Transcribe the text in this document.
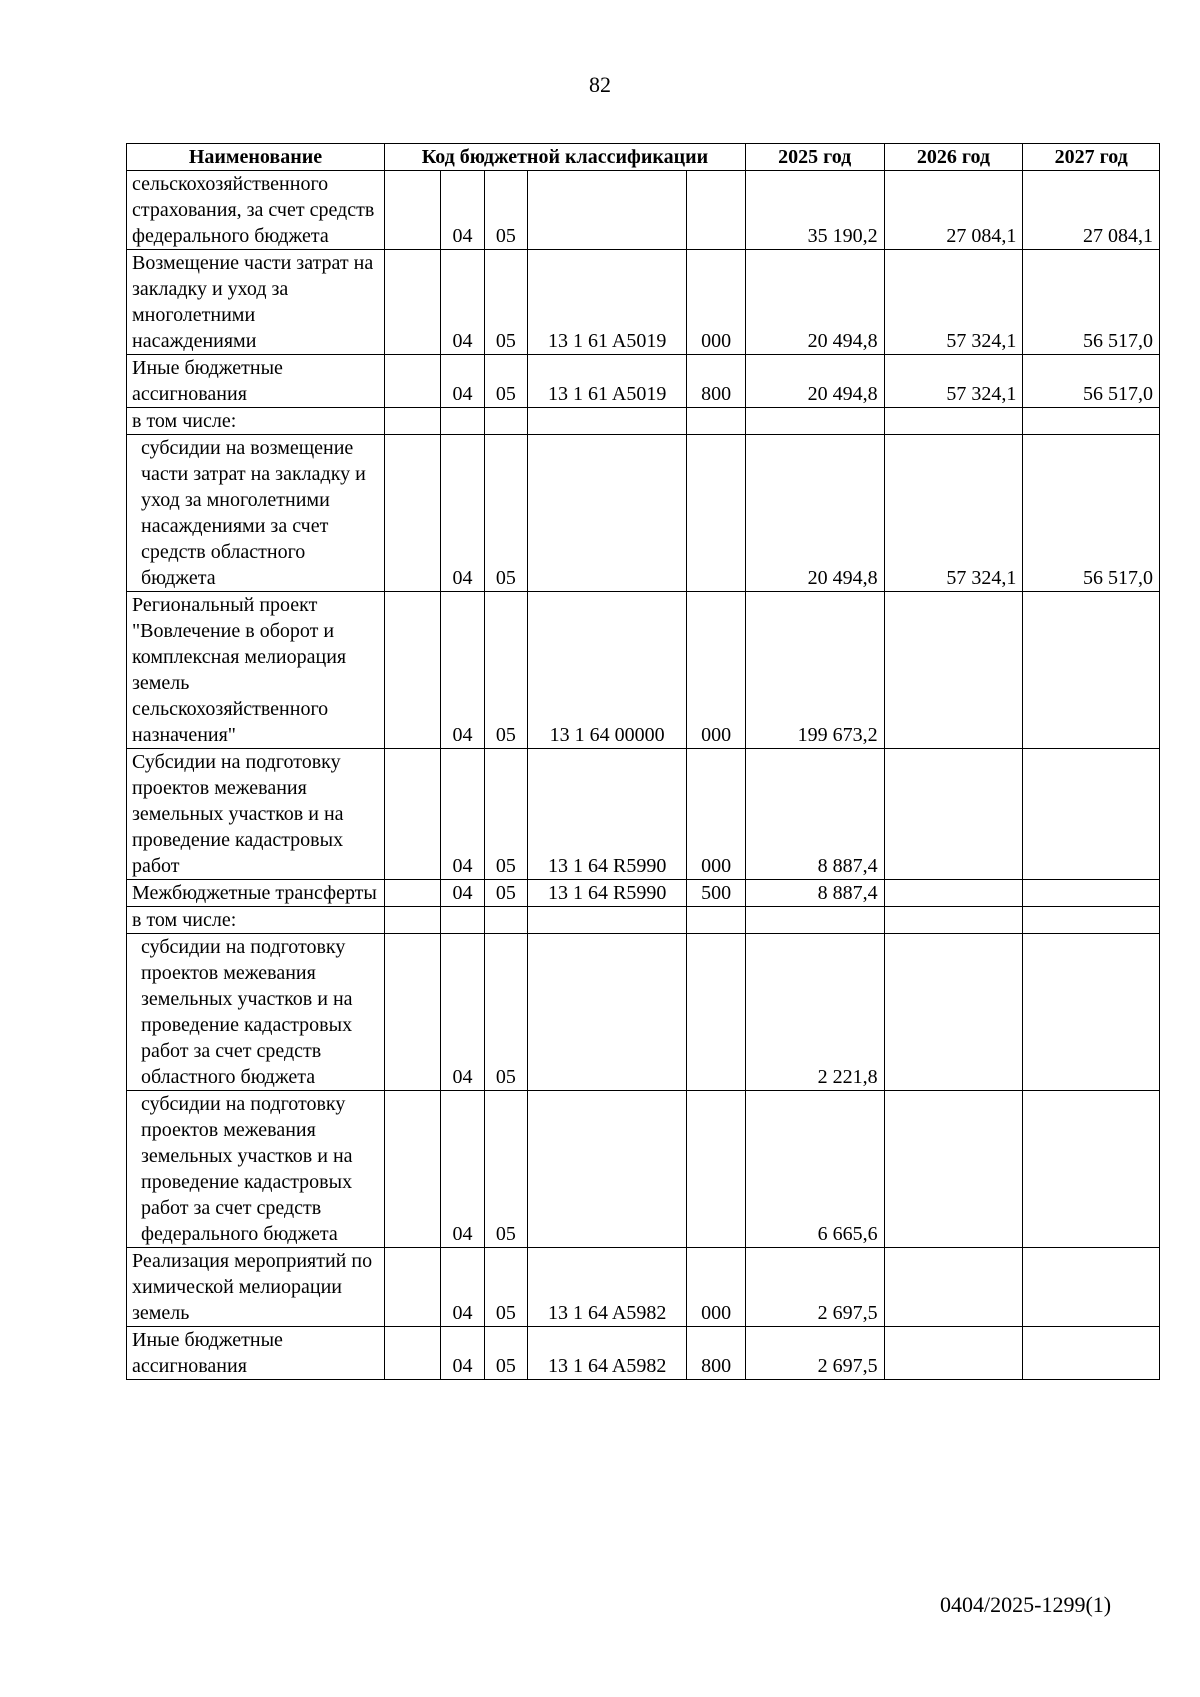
82
Наименование	Код бюджетной классификации					2025 год	2026 год	2027 год
сельскохозяйственного страхования, за счет средств федерального бюджета		04	05			35 190,2	27 084,1	27 084,1
Возмещение части затрат на закладку и уход за многолетними насаждениями		04	05	13 1 61 A5019	000	20 494,8	57 324,1	56 517,0
Иные бюджетные ассигнования		04	05	13 1 61 A5019	800	20 494,8	57 324,1	56 517,0
в том числе:								
субсидии на возмещение части затрат на закладку и уход за многолетними насаждениями за счет средств областного бюджета		04	05			20 494,8	57 324,1	56 517,0
Региональный проект "Вовлечение в оборот и комплексная мелиорация земель сельскохозяйственного назначения"		04	05	13 1 64 00000	000	199 673,2		
Субсидии на подготовку проектов межевания земельных участков и на проведение кадастровых работ		04	05	13 1 64 R5990	000	8 887,4		
Межбюджетные трансферты		04	05	13 1 64 R5990	500	8 887,4		
в том числе:								
субсидии на подготовку проектов межевания земельных участков и на проведение кадастровых работ за счет средств областного бюджета		04	05			2 221,8		
субсидии на подготовку проектов межевания земельных участков и на проведение кадастровых работ за счет средств федерального бюджета		04	05			6 665,6		
Реализация мероприятий по химической мелиорации земель		04	05	13 1 64 A5982	000	2 697,5		
Иные бюджетные ассигнования		04	05	13 1 64 A5982	800	2 697,5		
0404/2025-1299(1)
